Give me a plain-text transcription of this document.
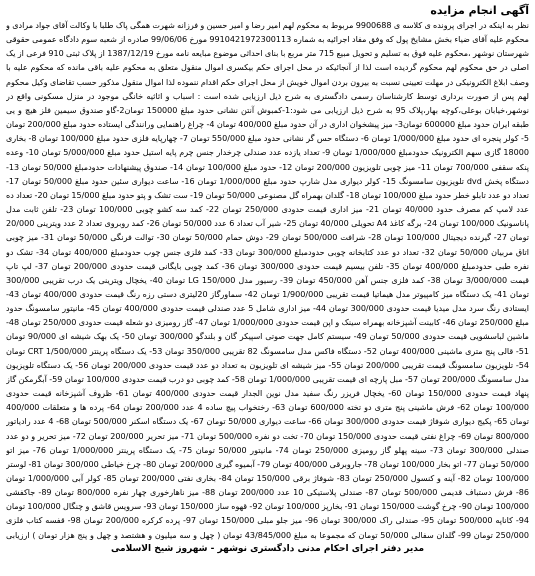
آگهی انجام مزایده

نظر به اینکه در اجرای پرونده ی کلاسه ی 9900688 مربوط به محکوم لهم امیر رضا و امیر حسین و فرزانه شهرت همگی پاک طلبا با وکالت آقای جواد مرادی و محکوم علیه آقای ضیاء بخش مشایخ پول که وفق مفاد اجرائیه به شماره 9910421972300113 مورخ 99/06/06 صادره از شعبه سوم دادگاه عمومی حقوقی شهرستان نوشهر ،محکوم علیه فوق به تسلیم و تحویل مبیع 715 متر مربع با بنای احداثی موضوع مبایعه نامه مورخ 1387/12/19 از پلاک ثبتی 910 فرعی از یک اصلی در حق محکوم لهم محکوم گردیده است لذا از آنجائیکه در محل اجرای حکم بیکسری اموال منقول متعلق به محکوم علیه باقی مانده که محکوم علیه با وصف ابلاغ الکترونیکی در مهلت تعیینی نسبت به بیرون بردن اموال خویش از محل اجرای حکم اقدام ننموده لذا اموال منقول مذکور حسب تقاضای وکیل محکوم لهم پس از صورت برداری توسط کارشناسان رسمی دادگستری به شرح ذیل ارزیابی شده است : اسباب و اثاثیه خانگی موجود در منزل مسکونی واقع در نوشهر،خیابان بوعلی،کوچه بهار،پلاک 95 به شرح ذیل ارزیابی می شود:1-کمبوش آنتن نشانی حدود مبلغ 150000 تومان2-گاو صندوق سیمین فلز هیچ و یی طبقه ایران حدود مبلغ 600000 تومان3- میز پیشخوان اداری در آن حدود مبلغ 400/000 تومان 4- چراغ راهنمایی ورانندگی ایستاده حدود مبلغ 200/000 تومان 5- کولر پنجره ای حدود مبلغ 1/000/000 تومان 6- دستگاه حس گر نشانی حدود مبلغ 550/000 تومان 7- چهارپایه فلزی حدود مبلغ 100/000 تومان 8- بخاری 18000 گازی سهم الکترونیک حدودمبلغ 1/000/000 تومان 9- تعداد یازده عدد صندلی چرخدار جنس چرم پایه استیل حدود مبلغ 5/000/000 تومان 10- وعده پنکه سقفی 700/000 تومان 11- میز چوبی تلویزیون 200/000 تومان 12- حدود مبلغ 100/000 تومان 14- صندوق پیشنهادات حدودمبلغ 50/000 تومان 13- دستگاه پخش dvd تلویزیون سامسونگ 15- کولر دیواری مدل شارپ حدود مبلغ 1/000/000 تومان 16- ساعت دیواری سئین حدود مبلغ 50/000 تومان 17- تعداد دو عدد تابلو خطر حدود مبلغ 100/000 تومان 18- گلدان بهمراه گل مصنوعی 50/000 تومان 19- ست تشک و پتو حدود مبلغ 15/000 تومان 20- تعداد ده عدد لامپ کم مصرف حدود 40/000 تومان 21- میز اداری قیمت حدودی 250/000 تومان 22- کمد سه کشو چوبی 100/000 تومان 23- تلفن ثابت مدل پاناسونیک 100/000 تومان 24- برگه کاغذ A4 تحویلی 40/000 تومان 25- شیر آب تعداد 6 عدد 50/000 تومان 26- کمد روبروی تعداد 2 عدد ویترینی 20/000 تومان 27- گیرنده دیجیتال 100/000 تومان 28- شرافت 500/000 تومان 29- دوش حمام 50/000 تومان 30- توالت فرنگی 50/000 تومان 31- میز چوبی اتاق مربیان 50/000 تومان 32- تعداد دو عدد کتابخانه چوبی حدودمبلغ 300/000 تومان 33- کمد فلزی جنس چوب حدودمبلغ 400/000 تومان 34- تشک دو نفره طبی حدودمبلغ 400/000 تومان 35- تلفن بیسیم قیمت حدودی 300/000 تومان 36- کمد چوبی بایگانی قیمت حدودی 200/000 تومان 37- لپ تاپ قیمت 3/000/000 تومان 38- کمد فلزی جنس آهن 450/000 تومان 39- رسیور مدل LG 150/000 تومان 40- یخچال ویترینی یک درب تقریبی 300/000 تومان 41- یک دستگاه میز کامپیوتر مدل هیماتیا قیمت تقریبی 1/900/000 تومان 42- سماورگاز 20لیتری دستی رزه رنگ قیمت حدودی 400/000 تومان 43- ایستادی رنگ سرد مدل میدیا قیمت حدودی 300/000 تومان 44- میز اداری شامل 5 عدد صندلی قیمت حدودی 400/000 تومان 45- مانیتور سامسونگ حدود مبلغ 250/000 تومان 46- کابینت آشپزخانه بهمراه سینک و اپن قیمت حدودی 1/000/000 تومان 47- گاز رومیزی دو شعله قیمت حدودی 250/000 تومان 48- ماشین لباسشویی قیمت حدودی 50/000 تومان 49- سیستم کامل جهت صوتی اسپیکر گان و بلندگو 300/000 تومان 50- یک بهک شیشه ای 90/000 تومان 51- قالی پنج متری ماشینی 400/000 تومان 52- دستگاه فاکس مدل سامسونگ 82 تقریبی 350/000 تومان 53- یک دستگاه پرینتر CRT 1/500/000 تومان 54- تلویزیون سامسونگ قیمت تقریبی 200/000 تومان 55- میز شیشه ای تلویزیون به تعداد دو عدد قیمت حدودی 200/000 تومان 56- یک دستگاه تلویزیون مدل سامسونگ 200/000 تومان 57- مبل پارچه ای قیمت تقریبی 1/000/000 تومان 58- کمد چوبی دو درب قیمت حدودی 100/000 تومان 59- آبگرمکن گاز پنهاد قیمت حدودی 150/000 تومان 60- یخچال فریزر رنگ سفید مدل نوین الجدار قیمت حدودی 400/000 تومان 61- ظروف آشپزخانه قیمت حدودی 100/000 تومان 62- فرش ماشینی پنج متری دو تخته 600/000 تومان 63- رختخواب پیچ ساده 4 عدد 200/000 تومان 64- پرده ها و متعلقات 400/000 تومان 65- پکیج دیواری شوفاژ قیمت حدودی 300/000 تومان 66- ساعت دیواری 50/000 تومان 67- یک دستگاه اسکنر 500/000 تومان 68- 4 عدد رادیاتور 800/000 تومان 69- چراغ نفتی قیمت حدودی 150/000 تومان 70- تخت دو نفره 500/000 تومان 71- میز تحریر 200/000 تومان 72- میز تحریر و دو عدد صندلی 300/000 تومان 73- سینه پهلو گاز رومیزی 250/000 تومان 74- مانیتور 50/000 تومان 75- یک دستگاه پرینتر 1/000/000 تومان 76- میز اتو 50/000 تومان 77- اتو بخار 100/000 تومان 78- جاروبرقی 400/000 تومان 79- آبمیوه گیری 200/000 تومان 80- چرخ خیاطی 300/000 تومان 81- لوستر 100/000 تومان 82- آینه و کنسول 250/000 تومان 83- شوفاژ برقی 150/000 تومان 84- بخاری نفتی 200/000 تومان 85- کولر آبی 1/000/000 تومان 86- فرش دستباف قدیمی 500/000 تومان 87- صندلی پلاستیکی 10 عدد 200/000 تومان 88- میز ناهارخوری چهار نفره 800/000 تومان 89- جاکفشی 100/000 تومان 90- چرخ گوشت 150/000 تومان 91- بخارپز 100/000 تومان 92- قهوه ساز 150/000 تومان 93- سرویس قاشق و چنگال 100/000 تومان 94- کاناپه 500/000 تومان 95- صندلی راک 300/000 تومان 96- میز جلو مبلی 150/000 تومان 97- پرده کرکره 200/000 تومان 98- قفسه کتاب فلزی 250/000 تومان 99- گلدان سفالی 50/000 تومان که مجموعا به مبلغ 43/845/000 تومان ( چهل و سه میلیون و هشتصد و چهل و پنج هزار تومان ) ارزیابی

مدیر دفتر اجرای احکام مدنی دادگستری نوشهر - شهروز شیخ الاسلامی
